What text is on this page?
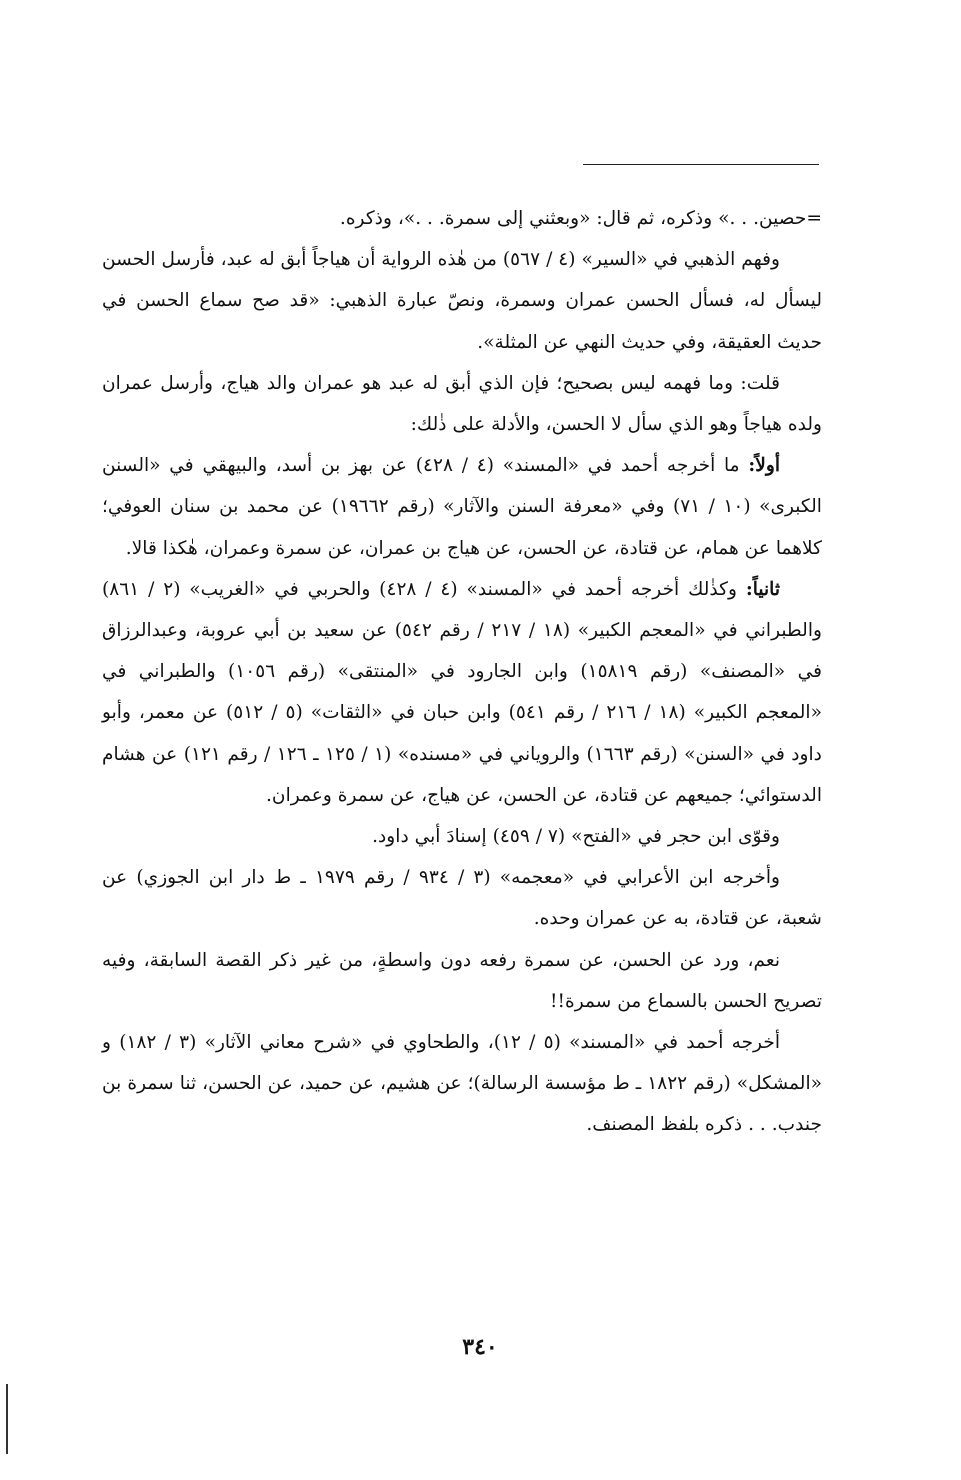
=حصين. . .» وذكره، ثم قال: «وبعثني إلى سمرة. . .»، وذكره.

وفهم الذهبي في «السير» (٤ / ٥٦٧) من هٰذه الرواية أن هياجاً أبق له عبد، فأرسل الحسن ليسأل له، فسأل الحسن عمران وسمرة، ونصّ عبارة الذهبي: «قد صح سماع الحسن في حديث العقيقة، وفي حديث النهي عن المثلة».

قلت: وما فهمه ليس بصحيح؛ فإن الذي أبق له عبد هو عمران والد هياج، وأرسل عمران ولده هياجاً وهو الذي سأل لا الحسن، والأدلة على ذٰلك:

أولاً: ما أخرجه أحمد في «المسند» (٤ / ٤٢٨) عن بهز بن أسد، والبيهقي في «السنن الكبرى» (١٠ / ٧١) وفي «معرفة السنن والآثار» (رقم ١٩٦٦٢) عن محمد بن سنان العوفي؛ كلاهما عن همام، عن قتادة، عن الحسن، عن هياج بن عمران، عن سمرة وعمران، هٰكذا قالا.

ثانياً: وكذٰلك أخرجه أحمد في «المسند» (٤ / ٤٢٨) والحربي في «الغريب» (٢ / ٨٦١) والطبراني في «المعجم الكبير» (١٨ / ٢١٧ / رقم ٥٤٢) عن سعيد بن أبي عروبة، وعبدالرزاق في «المصنف» (رقم ١٥٨١٩) وابن الجارود في «المنتقى» (رقم ١٠٥٦) والطبراني في «المعجم الكبير» (١٨ / ٢١٦ / رقم ٥٤١) وابن حبان في «الثقات» (٥ / ٥١٢) عن معمر، وأبو داود في «السنن» (رقم ١٦٦٣) والروياني في «مسنده» (١ / ١٢٥ ـ ١٢٦ / رقم ١٢١) عن هشام الدستوائي؛ جميعهم عن قتادة، عن الحسن، عن هياج، عن سمرة وعمران.

وقوّى ابن حجر في «الفتح» (٧ / ٤٥٩) إسنادَ أبي داود.

وأخرجه ابن الأعرابي في «معجمه» (٣ / ٩٣٤ / رقم ١٩٧٩ ـ ط دار ابن الجوزي) عن شعبة، عن قتادة، به عن عمران وحده.

نعم، ورد عن الحسن، عن سمرة رفعه دون واسطةٍ، من غير ذكر القصة السابقة، وفيه تصريح الحسن بالسماع من سمرة!!

أخرجه أحمد في «المسند» (٥ / ١٢)، والطحاوي في «شرح معاني الآثار» (٣ / ١٨٢) و «المشكل» (رقم ١٨٢٢ ـ ط مؤسسة الرسالة)؛ عن هشيم، عن حميد، عن الحسن، ثنا سمرة بن جندب. . . ذكره بلفظ المصنف.

٣٤٠
